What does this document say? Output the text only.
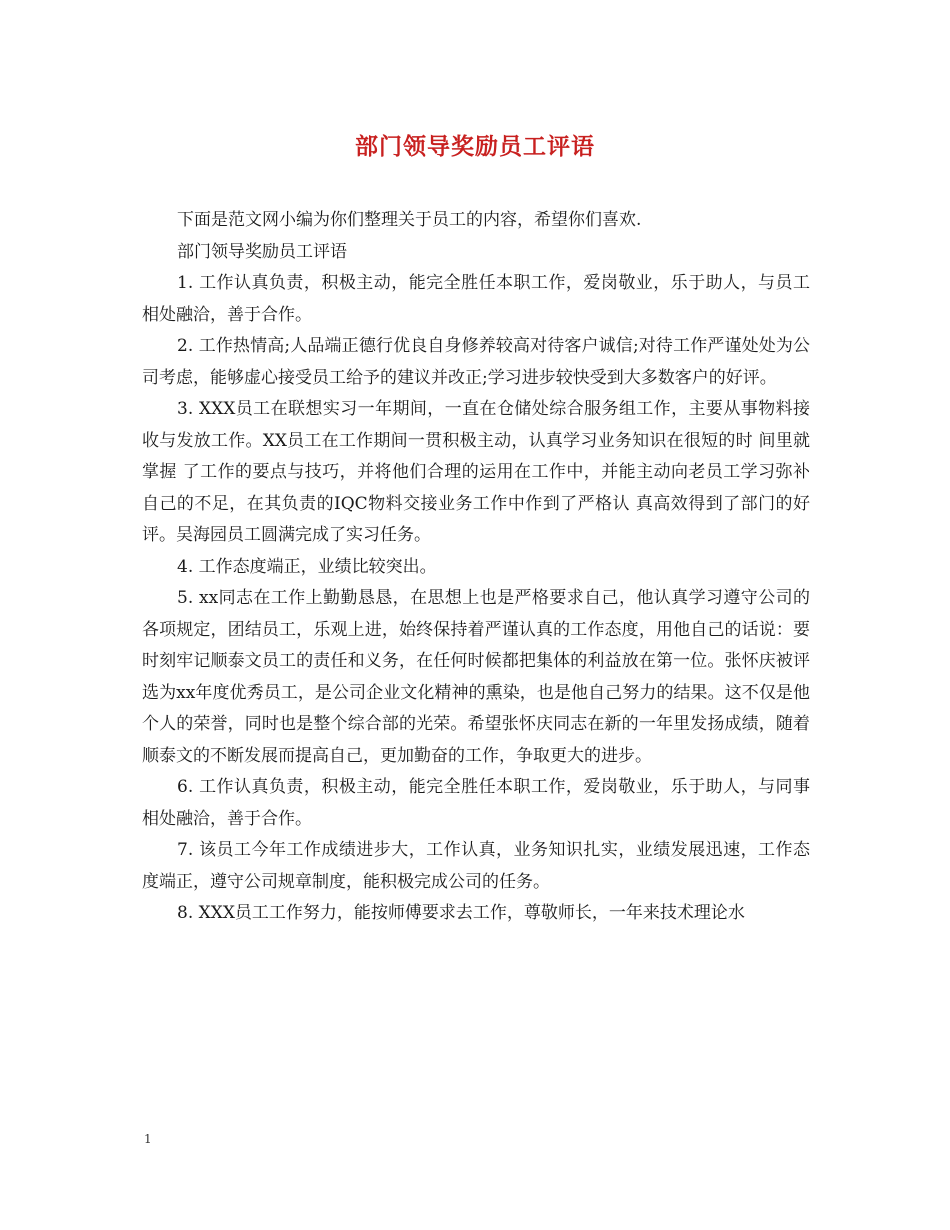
部门领导奖励员工评语

下面是范文网小编为你们整理关于员工的内容，希望你们喜欢.

部门领导奖励员工评语

1. 工作认真负责，积极主动，能完全胜任本职工作，爱岗敬业，乐于助人，与员工相处融洽，善于合作。

2. 工作热情高;人品端正德行优良自身修养较高对待客户诚信;对待工作严谨处处为公司考虑，能够虚心接受员工给予的建议并改正;学习进步较快受到大多数客户的好评。

3. XXX员工在联想实习一年期间，一直在仓储处综合服务组工作，主要从事物料接收与发放工作。XX员工在工作期间一贯积极主动，认真学习业务知识在很短的时 间里就掌握 了工作的要点与技巧，并将他们合理的运用在工作中，并能主动向老员工学习弥补自己的不足，在其负责的IQC物料交接业务工作中作到了严格认 真高效得到了部门的好评。吴海园员工圆满完成了实习任务。

4. 工作态度端正，业绩比较突出。

5. xx同志在工作上勤勤恳恳，在思想上也是严格要求自己，他认真学习遵守公司的各项规定，团结员工，乐观上进，始终保持着严谨认真的工作态度，用他自己的话说：要时刻牢记顺泰文员工的责任和义务，在任何时候都把集体的利益放在第一位。张怀庆被评选为xx年度优秀员工，是公司企业文化精神的熏染，也是他自己努力的结果。这不仅是他个人的荣誉，同时也是整个综合部的光荣。希望张怀庆同志在新的一年里发扬成绩，随着顺泰文的不断发展而提高自己，更加勤奋的工作，争取更大的进步。

6. 工作认真负责，积极主动，能完全胜任本职工作，爱岗敬业，乐于助人，与同事相处融洽，善于合作。

7. 该员工今年工作成绩进步大，工作认真，业务知识扎实，业绩发展迅速，工作态度端正，遵守公司规章制度，能积极完成公司的任务。

8. XXX员工工作努力，能按师傅要求去工作，尊敬师长，一年来技术理论水

1
